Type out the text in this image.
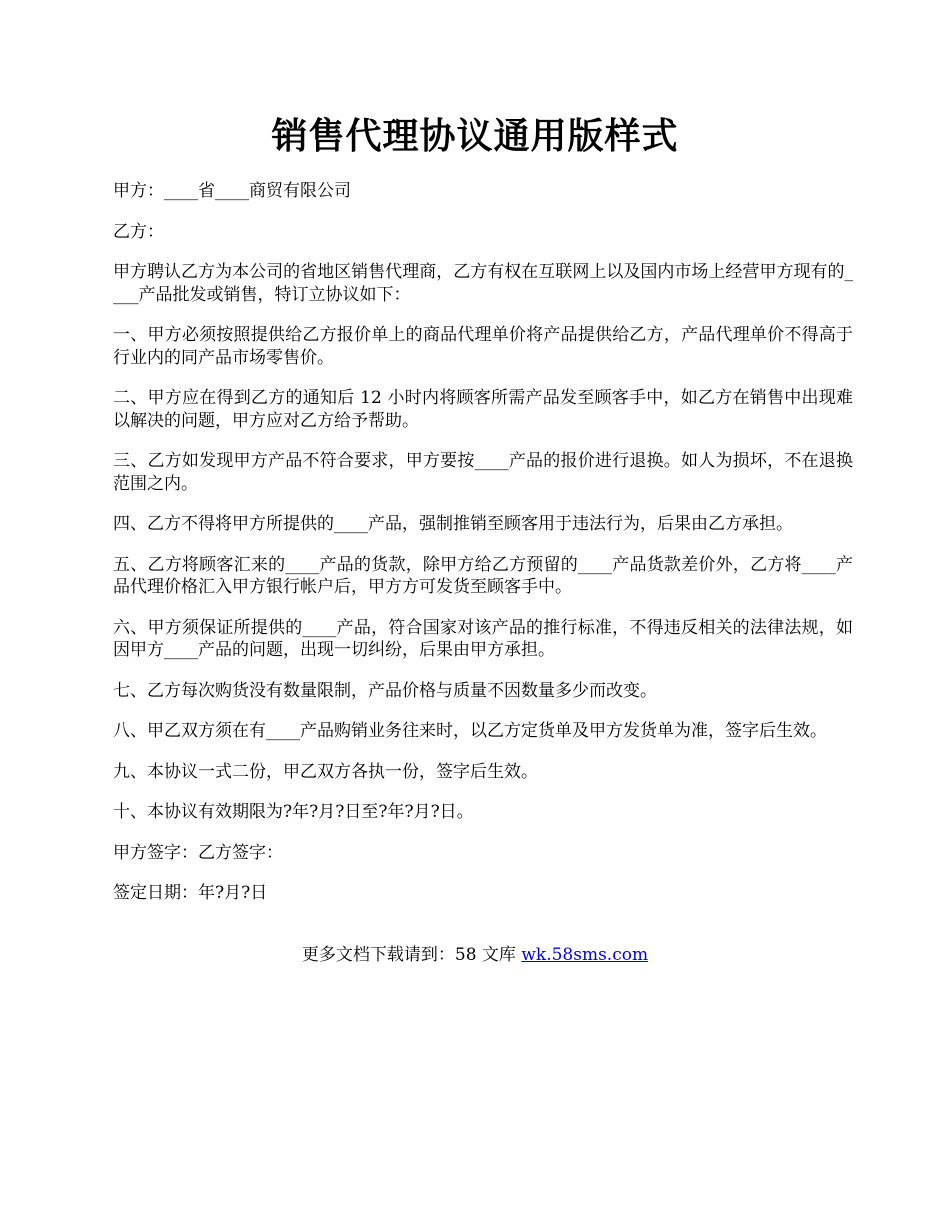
销售代理协议通用版样式

甲方：____省____商贸有限公司

乙方：

甲方聘认乙方为本公司的省地区销售代理商，乙方有权在互联网上以及国内市场上经营甲方现有的____产品批发或销售，特订立协议如下：

一、甲方必须按照提供给乙方报价单上的商品代理单价将产品提供给乙方，产品代理单价不得高于行业内的同产品市场零售价。

二、甲方应在得到乙方的通知后 12 小时内将顾客所需产品发至顾客手中，如乙方在销售中出现难以解决的问题，甲方应对乙方给予帮助。

三、乙方如发现甲方产品不符合要求，甲方要按____产品的报价进行退换。如人为损坏，不在退换范围之内。

四、乙方不得将甲方所提供的____产品，强制推销至顾客用于违法行为，后果由乙方承担。

五、乙方将顾客汇来的____产品的货款，除甲方给乙方预留的____产品货款差价外，乙方将____产品代理价格汇入甲方银行帐户后，甲方方可发货至顾客手中。

六、甲方须保证所提供的____产品，符合国家对该产品的推行标准，不得违反相关的法律法规，如因甲方____产品的问题，出现一切纠纷，后果由甲方承担。

七、乙方每次购货没有数量限制，产品价格与质量不因数量多少而改变。

八、甲乙双方须在有____产品购销业务往来时，以乙方定货单及甲方发货单为准，签字后生效。

九、本协议一式二份，甲乙双方各执一份，签字后生效。

十、本协议有效期限为?年?月?日至?年?月?日。

甲方签字：乙方签字：

签定日期：年?月?日

更多文档下载请到：58 文库 wk.58sms.com
